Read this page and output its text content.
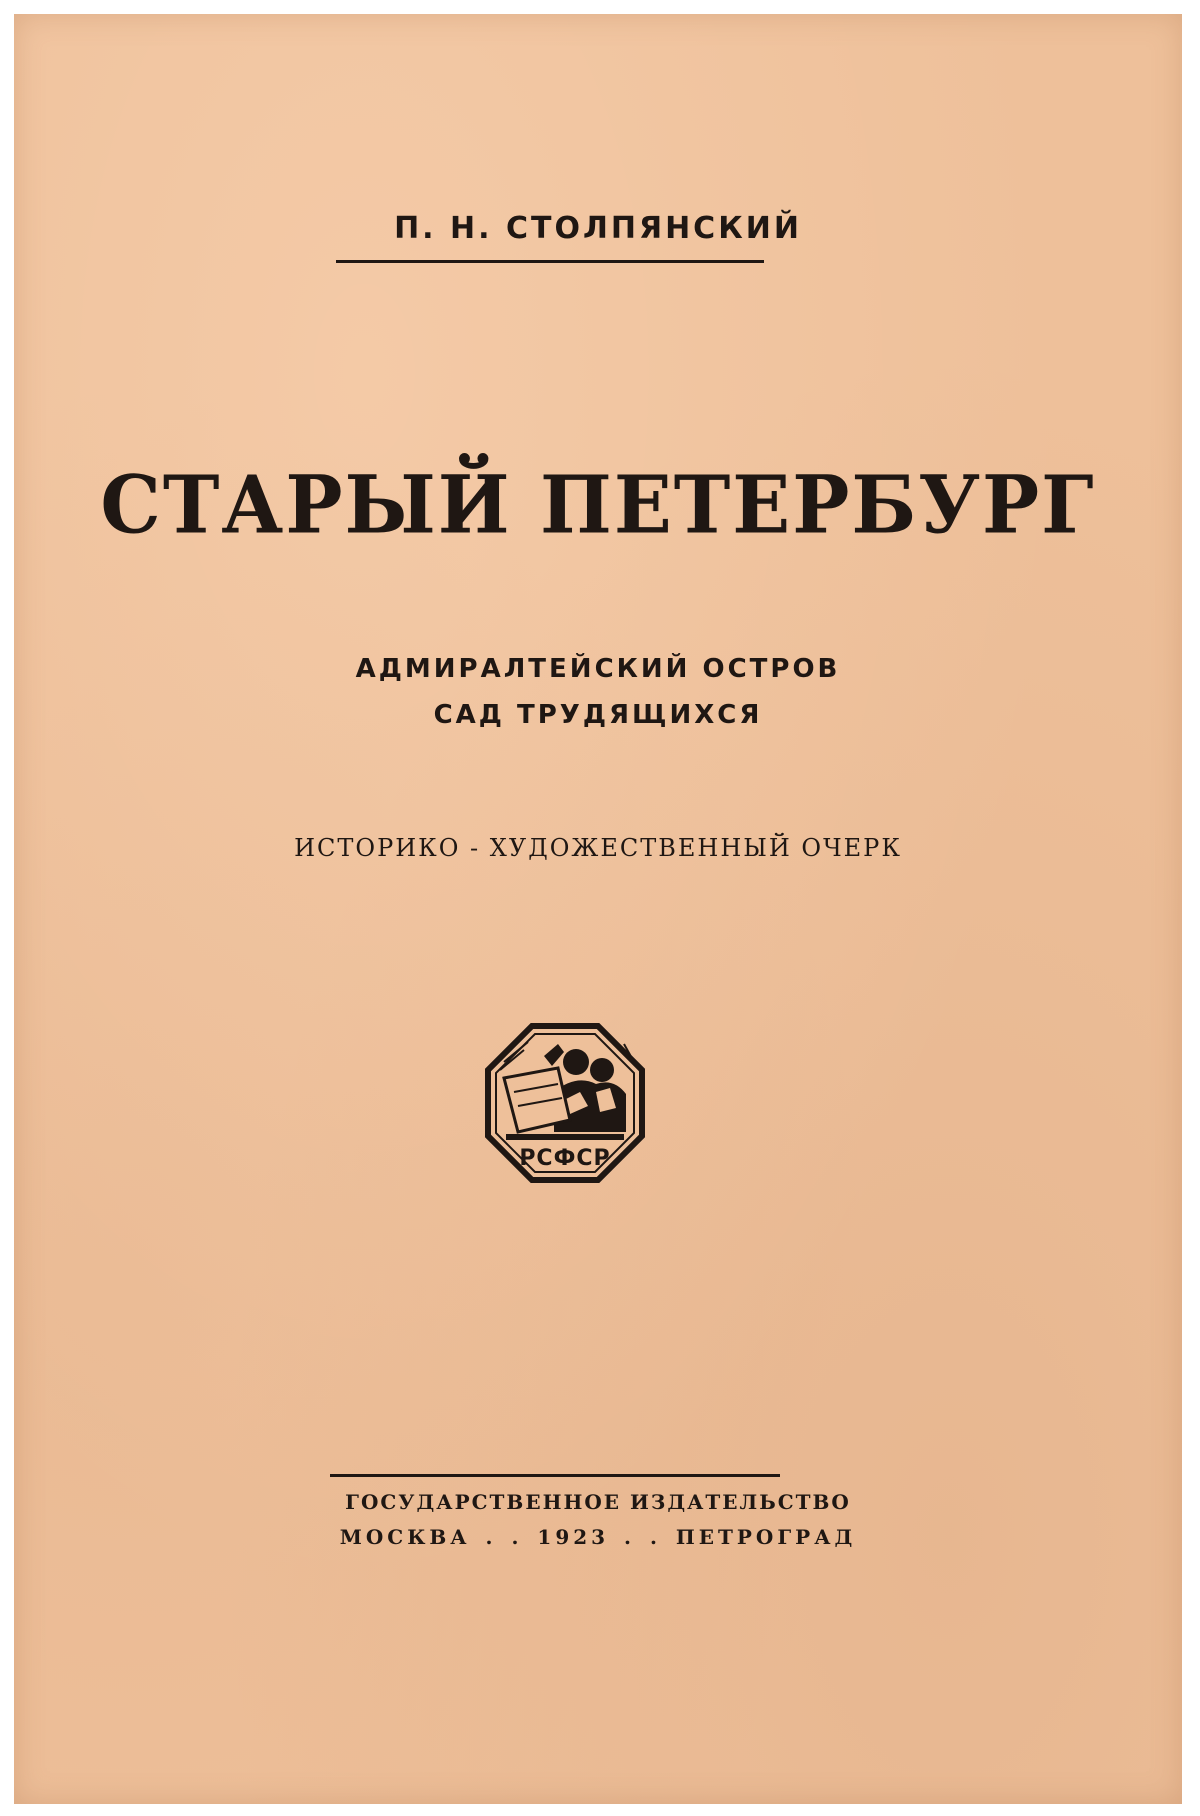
П. Н. СТОЛПЯНСКИЙ
СТАРЫЙ ПЕТЕРБУРГ
АДМИРАЛТЕЙСКИЙ ОСТРОВ
САД ТРУДЯЩИХСЯ
ИСТОРИКО - ХУДОЖЕСТВЕННЫЙ ОЧЕРК
РСФСР
ГОСУДАРСТВЕННОЕ ИЗДАТЕЛЬСТВО
МОСКВА . . 1923 . . ПЕТРОГРАД
